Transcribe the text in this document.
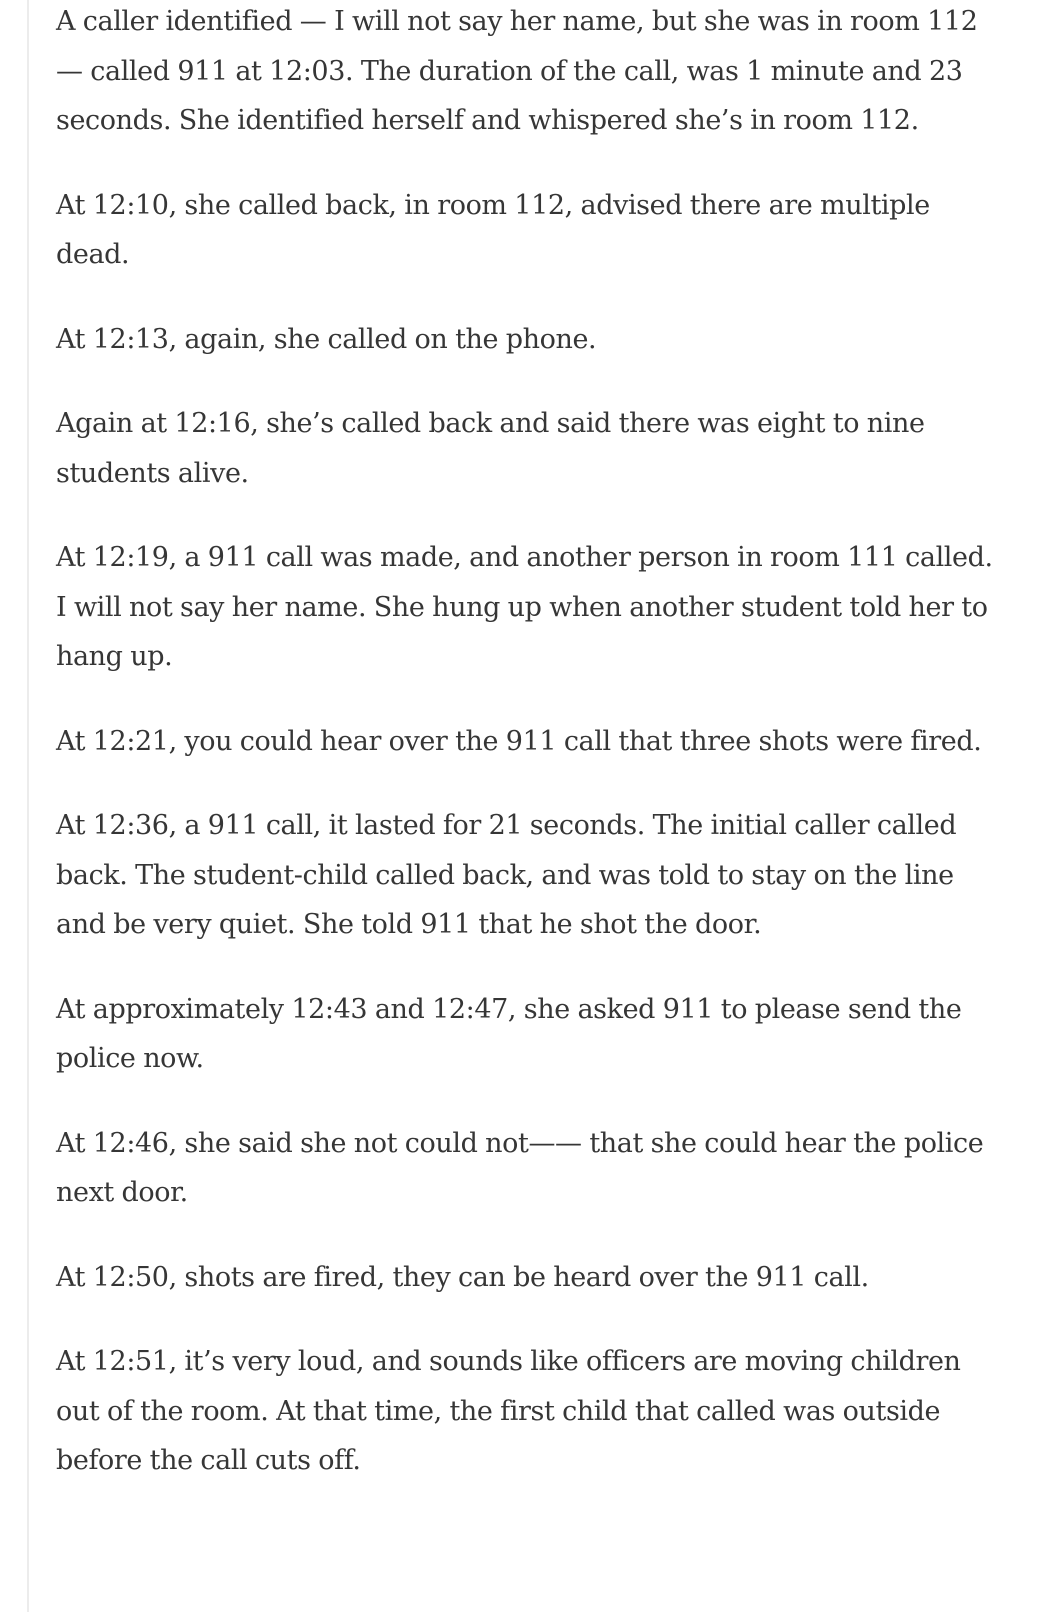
A caller identified — I will not say her name, but she was in room 112 — called 911 at 12:03. The duration of the call, was 1 minute and 23 seconds. She identified herself and whispered she’s in room 112.

At 12:10, she called back, in room 112, advised there are multiple dead.

At 12:13, again, she called on the phone.

Again at 12:16, she’s called back and said there was eight to nine students alive.

At 12:19, a 911 call was made, and another person in room 111 called. I will not say her name. She hung up when another student told her to hang up.

At 12:21, you could hear over the 911 call that three shots were fired.

At 12:36, a 911 call, it lasted for 21 seconds. The initial caller called back. The student-child called back, and was told to stay on the line and be very quiet. She told 911 that he shot the door.

At approximately 12:43 and 12:47, she asked 911 to please send the police now.

At 12:46, she said she not could not—— that she could hear the police next door.

At 12:50, shots are fired, they can be heard over the 911 call.

At 12:51, it’s very loud, and sounds like officers are moving children out of the room. At that time, the first child that called was outside before the call cuts off.
